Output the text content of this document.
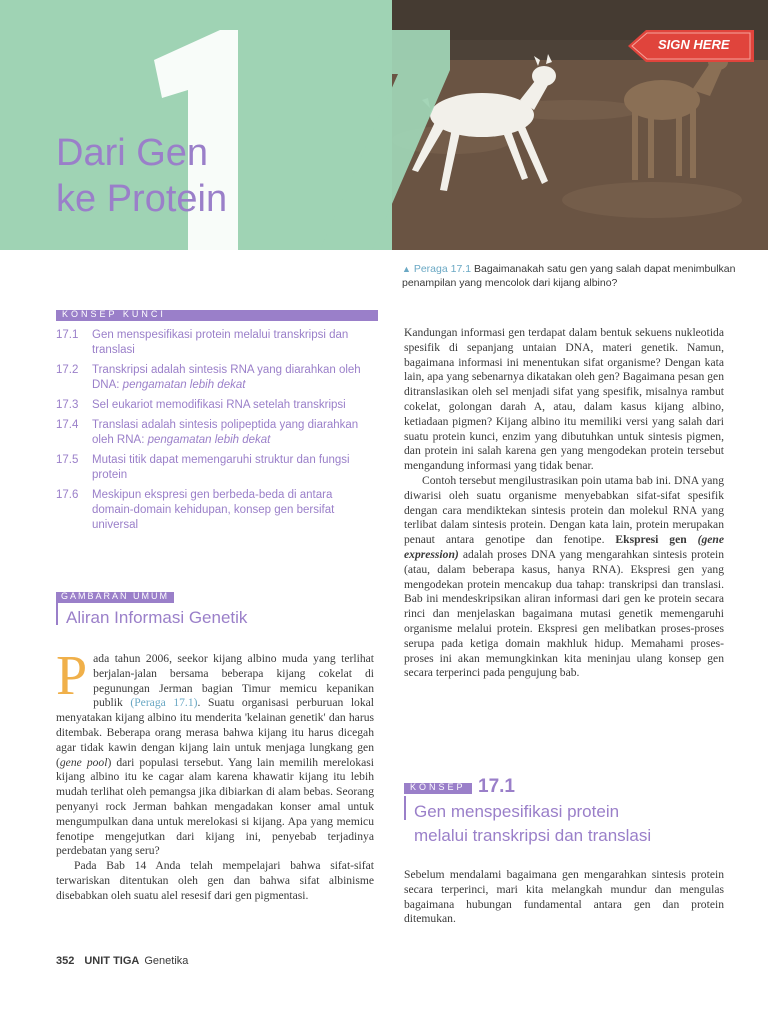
Dari Gen
ke Protein
SIGN HERE
▲ Peraga 17.1 Bagaimanakah satu gen yang salah dapat menimbulkan penampilan yang mencolok dari kijang albino?
KONSEP KUNCI
17.1	Gen menspesifikasi protein melalui transkripsi dan translasi
17.2	Transkripsi adalah sintesis RNA yang diarahkan oleh DNA: pengamatan lebih dekat
17.3	Sel eukariot memodifikasi RNA setelah transkripsi
17.4	Translasi adalah sintesis polipeptida yang diarahkan oleh RNA: pengamatan lebih dekat
17.5	Mutasi titik dapat memengaruhi struktur dan fungsi protein
17.6	Meskipun ekspresi gen berbeda-beda di antara domain-domain kehidupan, konsep gen bersifat universal
GAMBARAN UMUM
Aliran Informasi Genetik

Pada tahun 2006, seekor kijang albino muda yang terlihat berjalan-jalan bersama beberapa kijang cokelat di pegunungan Jerman bagian Timur memicu kepanikan publik (Peraga 17.1). Suatu organisasi perburuan lokal menyatakan kijang albino itu menderita 'kelainan genetik' dan harus ditembak. Beberapa orang merasa bahwa kijang itu harus dicegah agar tidak kawin dengan kijang lain untuk menjaga lungkang gen (gene pool) dari populasi tersebut. Yang lain memilih merelokasi kijang albino itu ke cagar alam karena khawatir kijang itu lebih mudah terlihat oleh pemangsa jika dibiarkan di alam bebas. Seorang penyanyi rock Jerman bahkan mengadakan konser amal untuk mengumpulkan dana untuk merelokasi si kijang. Apa yang memicu fenotipe mengejutkan dari kijang ini, penyebab terjadinya perdebatan yang seru?

Pada Bab 14 Anda telah mempelajari bahwa sifat-sifat terwariskan ditentukan oleh gen dan bahwa sifat albinisme disebabkan oleh suatu alel resesif dari gen pigmentasi.

Kandungan informasi gen terdapat dalam bentuk sekuens nukleotida spesifik di sepanjang untaian DNA, materi genetik. Namun, bagaimana informasi ini menentukan sifat organisme? Dengan kata lain, apa yang sebenarnya dikatakan oleh gen? Bagaimana pesan gen ditranslasikan oleh sel menjadi sifat yang spesifik, misalnya rambut cokelat, golongan darah A, atau, dalam kasus kijang albino, ketiadaan pigmen? Kijang albino itu memiliki versi yang salah dari suatu protein kunci, enzim yang dibutuhkan untuk sintesis pigmen, dan protein ini salah karena gen yang mengodekan protein tersebut mengandung informasi yang tidak benar.

Contoh tersebut mengilustrasikan poin utama bab ini. DNA yang diwarisi oleh suatu organisme menyebabkan sifat-sifat spesifik dengan cara mendiktekan sintesis protein dan molekul RNA yang terlibat dalam sintesis protein. Dengan kata lain, protein merupakan penaut antara genotipe dan fenotipe. Ekspresi gen (gene expression) adalah proses DNA yang mengarahkan sintesis protein (atau, dalam beberapa kasus, hanya RNA). Ekspresi gen yang mengodekan protein mencakup dua tahap: transkripsi dan translasi. Bab ini mendeskripsikan aliran informasi dari gen ke protein secara rinci dan menjelaskan bagaimana mutasi genetik memengaruhi organisme melalui protein. Ekspresi gen melibatkan proses-proses serupa pada ketiga domain makhluk hidup. Memahami proses-proses ini akan memungkinkan kita meninjau ulang konsep gen secara terperinci pada pengujung bab.

KONSEP 17.1
Gen menspesifikasi protein
melalui transkripsi dan translasi
Sebelum mendalami bagaimana gen mengarahkan sintesis protein secara terperinci, mari kita melangkah mundur dan mengulas bagaimana hubungan fundamental antara gen dan protein ditemukan.
352 UNIT TIGA Genetika
